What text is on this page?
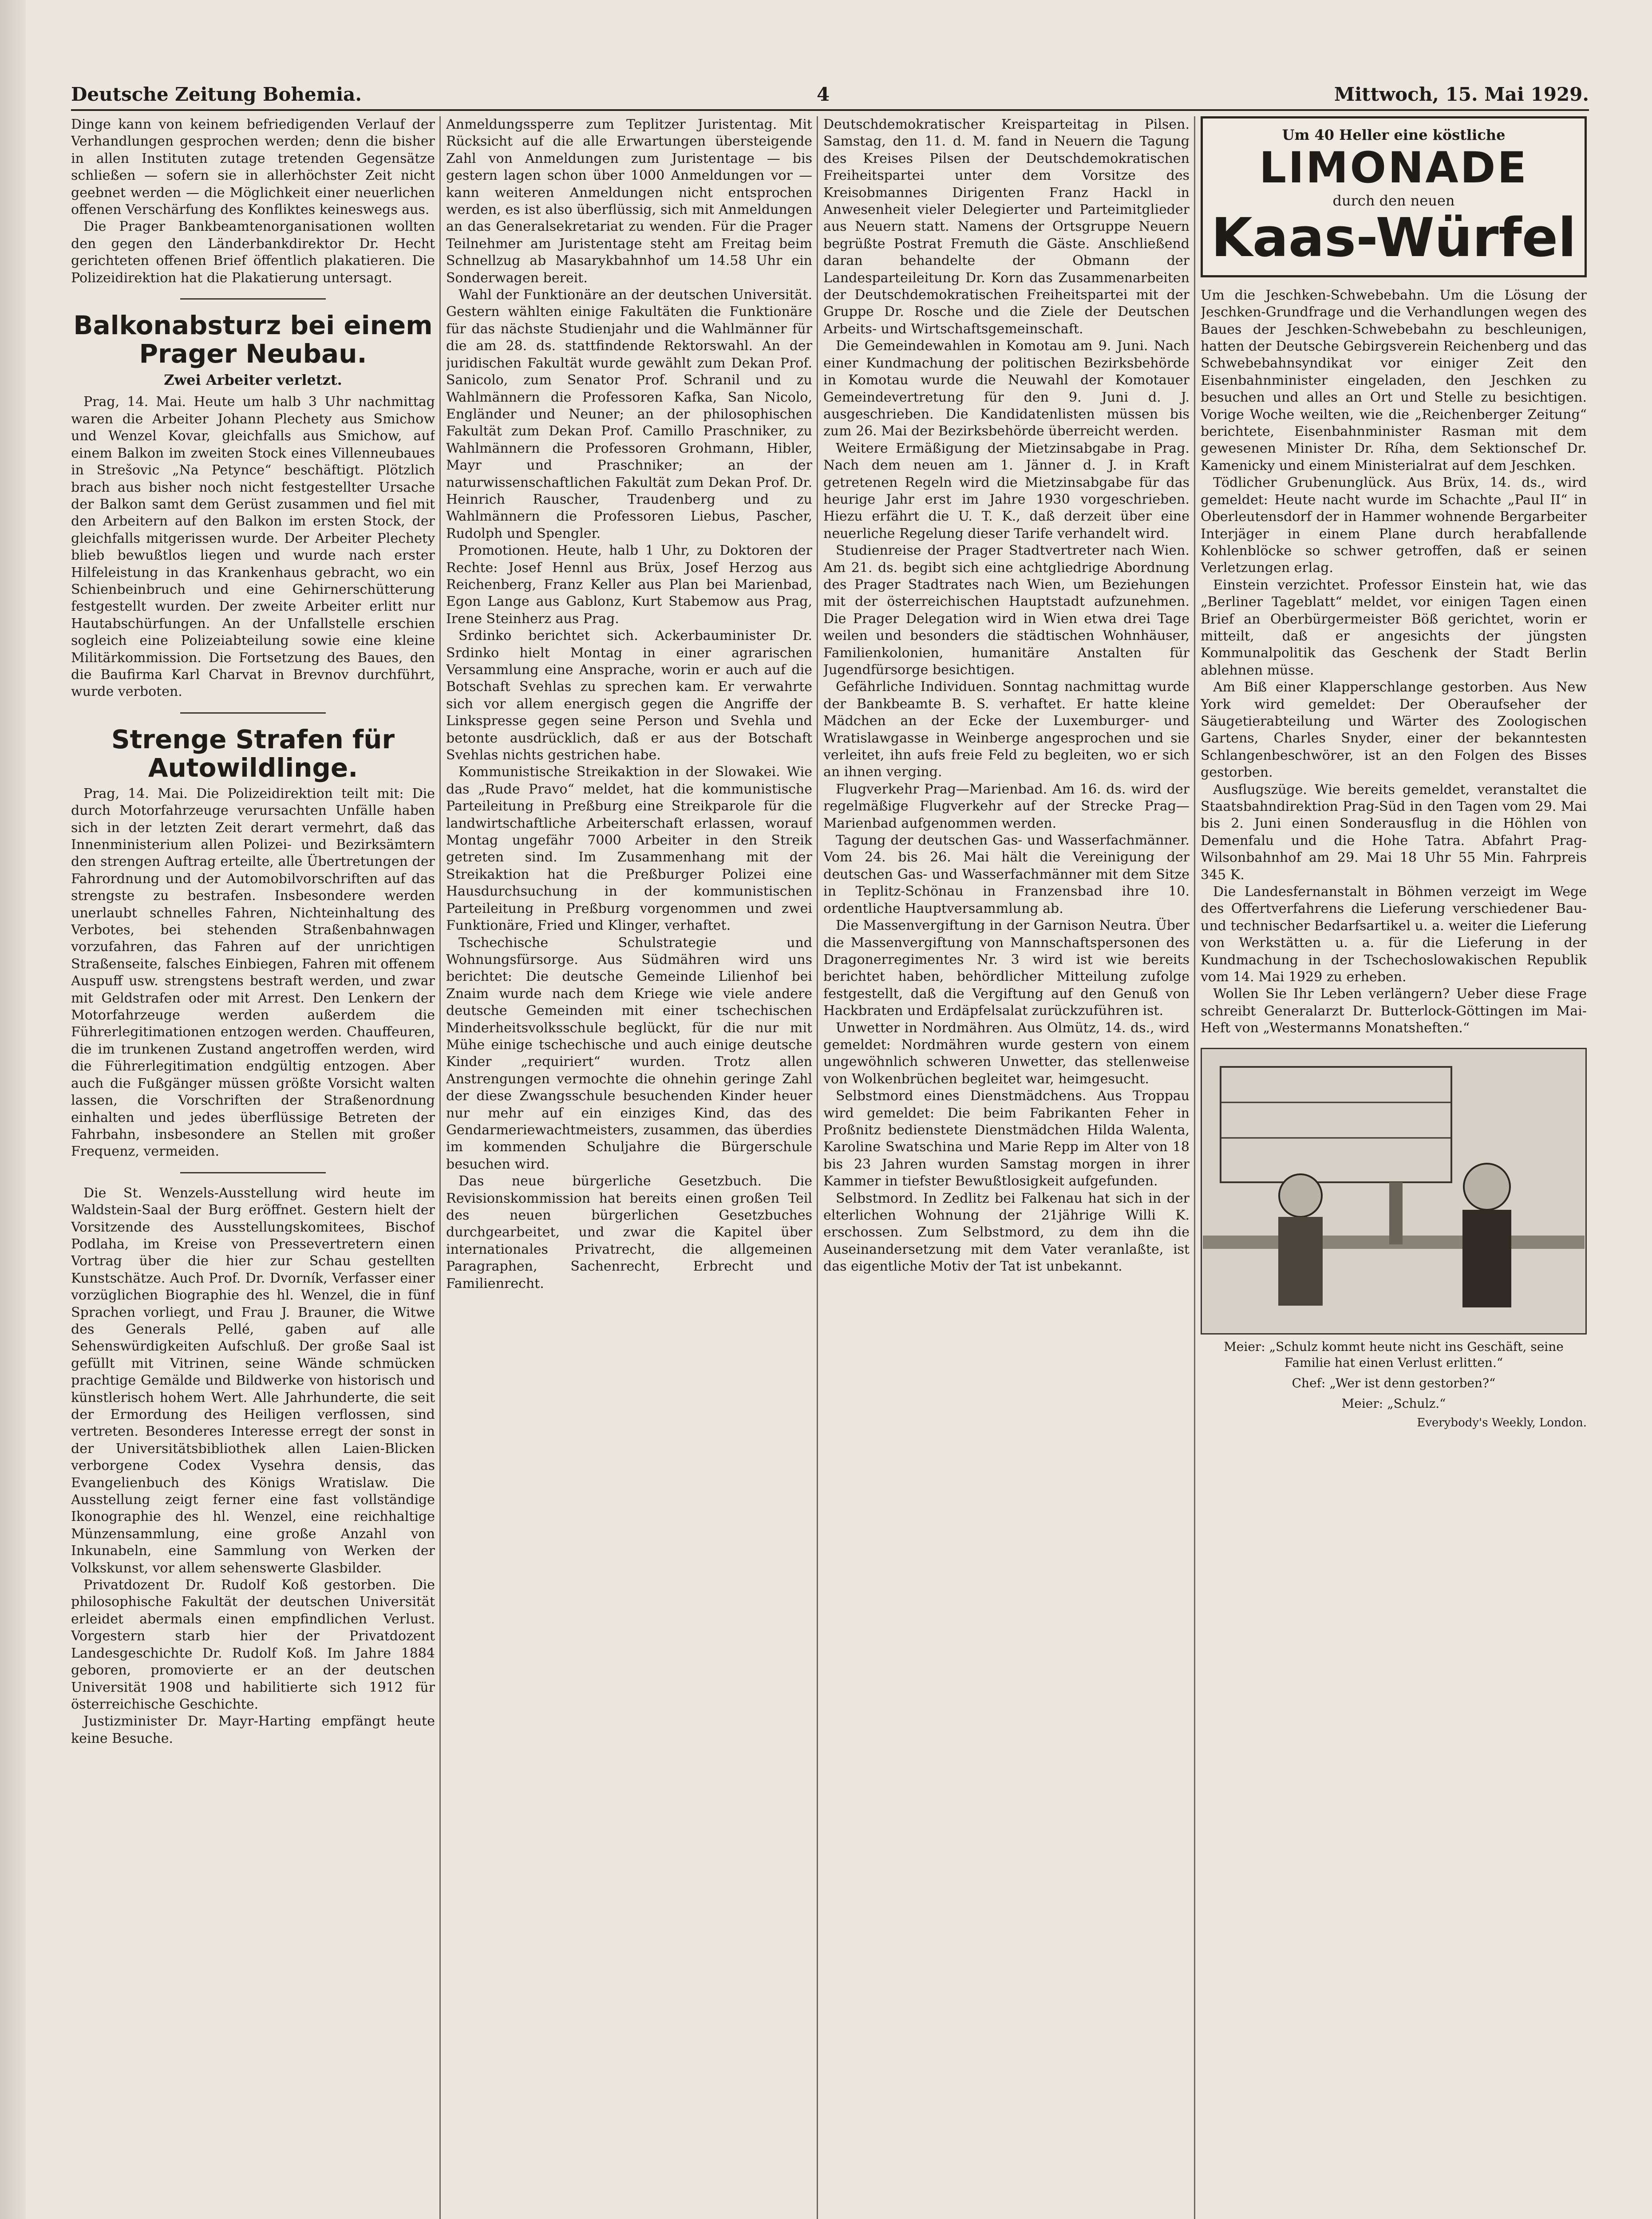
Deutsche Zeitung Bohemia.	4	Mittwoch, 15. Mai 1929.

Dinge kann von keinem befriedigenden Verlauf der Verhandlungen gesprochen werden; denn die bisher in allen Instituten zutage tretenden Gegensätze schließen — sofern sie in allerhöchster Zeit nicht geebnet werden — die Möglichkeit einer neuerlichen offenen Verschärfung des Konfliktes keineswegs aus.

Die Prager Bankbeamtenorganisationen wollten den gegen den Länderbankdirektor Dr. Hecht gerichteten offenen Brief öffentlich plakatieren. Die Polizeidirektion hat die Plakatierung untersagt.

Balkonabsturz bei einem Prager Neubau.
Zwei Arbeiter verletzt.

Prag, 14. Mai. Heute um halb 3 Uhr nachmittag waren die Arbeiter Johann Plechety aus Smichow und Wenzel Kovar, gleichfalls aus Smichow, auf einem Balkon im zweiten Stock eines Villenneubaues in Strešovic „Na Petynce“ beschäftigt. Plötzlich brach aus bisher noch nicht festgestellter Ursache der Balkon samt dem Gerüst zusammen und fiel mit den Arbeitern auf den Balkon im ersten Stock, der gleichfalls mitgerissen wurde. Der Arbeiter Plechety blieb bewußtlos liegen und wurde nach erster Hilfeleistung in das Krankenhaus gebracht, wo ein Schienbeinbruch und eine Gehirnerschütterung festgestellt wurden. Der zweite Arbeiter erlitt nur Hautabschürfungen. An der Unfallstelle erschien sogleich eine Polizeiabteilung sowie eine kleine Militärkommission. Die Fortsetzung des Baues, den die Baufirma Karl Charvat in Brevnov durchführt, wurde verboten.

Strenge Strafen für Autowildlinge.

Prag, 14. Mai. Die Polizeidirektion teilt mit: Die durch Motorfahrzeuge verursachten Unfälle haben sich in der letzten Zeit derart vermehrt, daß das Innenministerium allen Polizei- und Bezirksämtern den strengen Auftrag erteilte, alle Übertretungen der Fahrordnung und der Automobilvorschriften auf das strengste zu bestrafen. Insbesondere werden unerlaubt schnelles Fahren, Nichteinhaltung des Verbotes, bei stehenden Straßenbahnwagen vorzufahren, das Fahren auf der unrichtigen Straßenseite, falsches Einbiegen, Fahren mit offenem Auspuff usw. strengstens bestraft werden, und zwar mit Geldstrafen oder mit Arrest. Den Lenkern der Motorfahrzeuge werden außerdem die Führerlegitimationen entzogen werden. Chauffeuren, die im trunkenen Zustand angetroffen werden, wird die Führerlegitimation endgültig entzogen. Aber auch die Fußgänger müssen größte Vorsicht walten lassen, die Vorschriften der Straßenordnung einhalten und jedes überflüssige Betreten der Fahrbahn, insbesondere an Stellen mit großer Frequenz, vermeiden.

Die St. Wenzels-Ausstellung wird heute im Waldstein-Saal der Burg eröffnet. Gestern hielt der Vorsitzende des Ausstellungskomitees, Bischof Podlaha, im Kreise von Pressevertretern einen Vortrag über die hier zur Schau gestellten Kunstschätze. Auch Prof. Dr. Dvorník, Verfasser einer vorzüglichen Biographie des hl. Wenzel, die in fünf Sprachen vorliegt, und Frau J. Brauner, die Witwe des Generals Pellé, gaben auf alle Sehenswürdigkeiten Aufschluß. Der große Saal ist gefüllt mit Vitrinen, seine Wände schmücken prachtige Gemälde und Bildwerke von historisch und künstlerisch hohem Wert. Alle Jahrhunderte, die seit der Ermordung des Heiligen verflossen, sind vertreten. Besonderes Interesse erregt der sonst in der Universitätsbibliothek allen Laien-Blicken verborgene Codex Vysehra densis, das Evangelienbuch des Königs Wratislaw. Die Ausstellung zeigt ferner eine fast vollständige Ikonographie des hl. Wenzel, eine reichhaltige Münzensammlung, eine große Anzahl von Inkunabeln, eine Sammlung von Werken der Volkskunst, vor allem sehenswerte Glasbilder.

Privatdozent Dr. Rudolf Koß gestorben. Die philosophische Fakultät der deutschen Universität erleidet abermals einen empfindlichen Verlust. Vorgestern starb hier der Privatdozent Landesgeschichte Dr. Rudolf Koß. Im Jahre 1884 geboren, promovierte er an der deutschen Universität 1908 und habilitierte sich 1912 für österreichische Geschichte.

Justizminister Dr. Mayr-Harting empfängt heute keine Besuche.

Anmeldungssperre zum Teplitzer Juristentag. Mit Rücksicht auf die alle Erwartungen übersteigende Zahl von Anmeldungen zum Juristentage — bis gestern lagen schon über 1000 Anmeldungen vor — kann weiteren Anmeldungen nicht entsprochen werden, es ist also überflüssig, sich mit Anmeldungen an das Generalsekretariat zu wenden. Für die Prager Teilnehmer am Juristentage steht am Freitag beim Schnellzug ab Masarykbahnhof um 14.58 Uhr ein Sonderwagen bereit.

Wahl der Funktionäre an der deutschen Universität. Gestern wählten einige Fakultäten die Funktionäre für das nächste Studienjahr und die Wahlmänner für die am 28. ds. stattfindende Rektorswahl. An der juridischen Fakultät wurde gewählt zum Dekan Prof. Sanicolo, zum Senator Prof. Schranil und zu Wahlmännern die Professoren Kafka, San Nicolo, Engländer und Neuner; an der philosophischen Fakultät zum Dekan Prof. Camillo Praschniker, zu Wahlmännern die Professoren Grohmann, Hibler, Mayr und Praschniker; an der naturwissenschaftlichen Fakultät zum Dekan Prof. Dr. Heinrich Rauscher, Traudenberg und zu Wahlmännern die Professoren Liebus, Pascher, Rudolph und Spengler.

Promotionen. Heute, halb 1 Uhr, zu Doktoren der Rechte: Josef Hennl aus Brüx, Josef Herzog aus Reichenberg, Franz Keller aus Plan bei Marienbad, Egon Lange aus Gablonz, Kurt Stabemow aus Prag, Irene Steinherz aus Prag.

Srdinko berichtet sich. Ackerbauminister Dr. Srdinko hielt Montag in einer agrarischen Versammlung eine Ansprache, worin er auch auf die Botschaft Svehlas zu sprechen kam. Er verwahrte sich vor allem energisch gegen die Angriffe der Linkspresse gegen seine Person und Svehla und betonte ausdrücklich, daß er aus der Botschaft Svehlas nichts gestrichen habe.

Kommunistische Streikaktion in der Slowakei. Wie das „Rude Pravo“ meldet, hat die kommunistische Parteileitung in Preßburg eine Streikparole für die landwirtschaftliche Arbeiterschaft erlassen, worauf Montag ungefähr 7000 Arbeiter in den Streik getreten sind. Im Zusammenhang mit der Streikaktion hat die Preßburger Polizei eine Hausdurchsuchung in der kommunistischen Parteileitung in Preßburg vorgenommen und zwei Funktionäre, Fried und Klinger, verhaftet.

Tschechische Schulstrategie und Wohnungsfürsorge. Aus Südmähren wird uns berichtet: Die deutsche Gemeinde Lilienhof bei Znaim wurde nach dem Kriege wie viele andere deutsche Gemeinden mit einer tschechischen Minderheitsvolksschule beglückt, für die nur mit Mühe einige tschechische und auch einige deutsche Kinder „requiriert“ wurden. Trotz allen Anstrengungen vermochte die ohnehin geringe Zahl der diese Zwangsschule besuchenden Kinder heuer nur mehr auf ein einziges Kind, das des Gendarmeriewachtmeisters, zusammen, das überdies im kommenden Schuljahre die Bürgerschule besuchen wird.

Das neue bürgerliche Gesetzbuch. Die Revisionskommission hat bereits einen großen Teil des neuen bürgerlichen Gesetzbuches durchgearbeitet, und zwar die Kapitel über internationales Privatrecht, die allgemeinen Paragraphen, Sachenrecht, Erbrecht und Familienrecht.

Deutschdemokratischer Kreisparteitag in Pilsen. Samstag, den 11. d. M. fand in Neuern die Tagung des Kreises Pilsen der Deutschdemokratischen Freiheitspartei unter dem Vorsitze des Kreisobmannes Dirigenten Franz Hackl in Anwesenheit vieler Delegierter und Parteimitglieder aus Neuern statt. Namens der Ortsgruppe Neuern begrüßte Postrat Fremuth die Gäste. Anschließend daran behandelte der Obmann der Landesparteileitung Dr. Korn das Zusammenarbeiten der Deutschdemokratischen Freiheitspartei mit der Gruppe Dr. Rosche und die Ziele der Deutschen Arbeits- und Wirtschaftsgemeinschaft.

Die Gemeindewahlen in Komotau am 9. Juni. Nach einer Kundmachung der politischen Bezirksbehörde in Komotau wurde die Neuwahl der Komotauer Gemeindevertretung für den 9. Juni d. J. ausgeschrieben. Die Kandidatenlisten müssen bis zum 26. Mai der Bezirksbehörde überreicht werden.

Weitere Ermäßigung der Mietzinsabgabe in Prag. Nach dem neuen am 1. Jänner d. J. in Kraft getretenen Regeln wird die Mietzinsabgabe für das heurige Jahr erst im Jahre 1930 vorgeschrieben. Hiezu erfährt die U. T. K., daß derzeit über eine neuerliche Regelung dieser Tarife verhandelt wird.

Studienreise der Prager Stadtvertreter nach Wien. Am 21. ds. begibt sich eine achtgliedrige Abordnung des Prager Stadtrates nach Wien, um Beziehungen mit der österreichischen Hauptstadt aufzunehmen. Die Prager Delegation wird in Wien etwa drei Tage weilen und besonders die städtischen Wohnhäuser, Familienkolonien, humanitäre Anstalten für Jugendfürsorge besichtigen.

Gefährliche Individuen. Sonntag nachmittag wurde der Bankbeamte B. S. verhaftet. Er hatte kleine Mädchen an der Ecke der Luxemburger- und Wratislawgasse in Weinberge angesprochen und sie verleitet, ihn aufs freie Feld zu begleiten, wo er sich an ihnen verging.

Flugverkehr Prag—Marienbad. Am 16. ds. wird der regelmäßige Flugverkehr auf der Strecke Prag—Marienbad aufgenommen werden.

Tagung der deutschen Gas- und Wasserfachmänner. Vom 24. bis 26. Mai hält die Vereinigung der deutschen Gas- und Wasserfachmänner mit dem Sitze in Teplitz-Schönau in Franzensbad ihre 10. ordentliche Hauptversammlung ab.

Die Massenvergiftung in der Garnison Neutra. Über die Massenvergiftung von Mannschaftspersonen des Dragonerregimentes Nr. 3 wird ist wie bereits berichtet haben, behördlicher Mitteilung zufolge festgestellt, daß die Vergiftung auf den Genuß von Hackbraten und Erdäpfelsalat zurückzuführen ist.

Unwetter in Nordmähren. Aus Olmütz, 14. ds., wird gemeldet: Nordmähren wurde gestern von einem ungewöhnlich schweren Unwetter, das stellenweise von Wolkenbrüchen begleitet war, heimgesucht.

Selbstmord eines Dienstmädchens. Aus Troppau wird gemeldet: Die beim Fabrikanten Feher in Proßnitz bedienstete Dienstmädchen Hilda Walenta, Karoline Swatschina und Marie Repp im Alter von 18 bis 23 Jahren wurden Samstag morgen in ihrer Kammer in tiefster Bewußtlosigkeit aufgefunden.

Selbstmord. In Zedlitz bei Falkenau hat sich in der elterlichen Wohnung der 21jährige Willi K. erschossen. Zum Selbstmord, zu dem ihn die Auseinandersetzung mit dem Vater veranlaßte, ist das eigentliche Motiv der Tat ist unbekannt.

Um 40 Heller eine köstliche
LIMONADE
durch den neuen
Kaas-Würfel

Um die Jeschken-Schwebebahn. Um die Lösung der Jeschken-Grundfrage und die Verhandlungen wegen des Baues der Jeschken-Schwebebahn zu beschleunigen, hatten der Deutsche Gebirgsverein Reichenberg und das Schwebebahnsyndikat vor einiger Zeit den Eisenbahnminister eingeladen, den Jeschken zu besuchen und alles an Ort und Stelle zu besichtigen. Vorige Woche weilten, wie die „Reichenberger Zeitung“ berichtete, Eisenbahnminister Rasman mit dem gewesenen Minister Dr. Ríha, dem Sektionschef Dr. Kamenicky und einem Ministerialrat auf dem Jeschken.

Tödlicher Grubenunglück. Aus Brüx, 14. ds., wird gemeldet: Heute nacht wurde im Schachte „Paul II“ in Oberleutensdorf der in Hammer wohnende Bergarbeiter Interjäger in einem Plane durch herabfallende Kohlenblöcke so schwer getroffen, daß er seinen Verletzungen erlag.

Einstein verzichtet. Professor Einstein hat, wie das „Berliner Tageblatt“ meldet, vor einigen Tagen einen Brief an Oberbürgermeister Böß gerichtet, worin er mitteilt, daß er angesichts der jüngsten Kommunalpolitik das Geschenk der Stadt Berlin ablehnen müsse.

Am Biß einer Klapperschlange gestorben. Aus New York wird gemeldet: Der Oberaufseher der Säugetierabteilung und Wärter des Zoologischen Gartens, Charles Snyder, einer der bekanntesten Schlangenbeschwörer, ist an den Folgen des Bisses gestorben.

Ausflugszüge. Wie bereits gemeldet, veranstaltet die Staatsbahndirektion Prag-Süd in den Tagen vom 29. Mai bis 2. Juni einen Sonderausflug in die Höhlen von Demenfalu und die Hohe Tatra. Abfahrt Prag-Wilsonbahnhof am 29. Mai 18 Uhr 55 Min. Fahrpreis 345 K.

Die Landesfernanstalt in Böhmen verzeigt im Wege des Offertverfahrens die Lieferung verschiedener Bau- und technischer Bedarfsartikel u. a. weiter die Lieferung von Werkstätten u. a. für die Lieferung in der Kundmachung in der Tschechoslowakischen Republik vom 14. Mai 1929 zu erheben.

Wollen Sie Ihr Leben verlängern? Ueber diese Frage schreibt Generalarzt Dr. Butterlock-Göttingen im Mai-Heft von „Westermanns Monatsheften.“

Meier: „Schulz kommt heute nicht ins Geschäft, seine Familie hat einen Verlust erlitten.“
Chef: „Wer ist denn gestorben?“
Meier: „Schulz.“
Everybody's Weekly, London.
